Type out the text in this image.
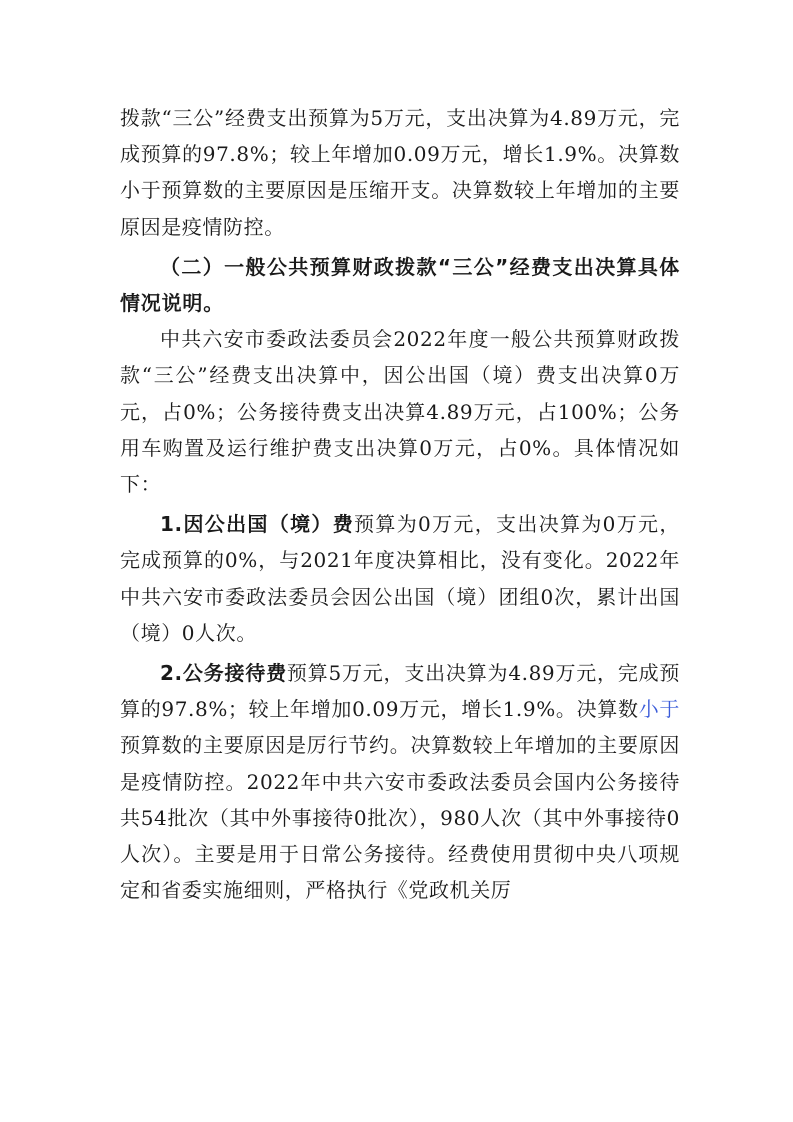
拨款“三公”经费支出预算为5万元，支出决算为4.89万元，完成预算的97.8%；较上年增加0.09万元，增长1.9%。决算数小于预算数的主要原因是压缩开支。决算数较上年增加的主要原因是疫情防控。

（二）一般公共预算财政拨款“三公”经费支出决算具体情况说明。

中共六安市委政法委员会2022年度一般公共预算财政拨款“三公”经费支出决算中，因公出国（境）费支出决算0万元，占0%；公务接待费支出决算4.89万元，占100%；公务用车购置及运行维护费支出决算0万元，占0%。具体情况如下：

1.因公出国（境）费预算为0万元，支出决算为0万元，完成预算的0%，与2021年度决算相比，没有变化。2022年中共六安市委政法委员会因公出国（境）团组0次，累计出国（境）0人次。

2.公务接待费预算5万元，支出决算为4.89万元，完成预算的97.8%；较上年增加0.09万元，增长1.9%。决算数小于预算数的主要原因是厉行节约。决算数较上年增加的主要原因是疫情防控。2022年中共六安市委政法委员会国内公务接待共54批次（其中外事接待0批次），980人次（其中外事接待0人次）。主要是用于日常公务接待。经费使用贯彻中央八项规定和省委实施细则，严格执行《党政机关厉
